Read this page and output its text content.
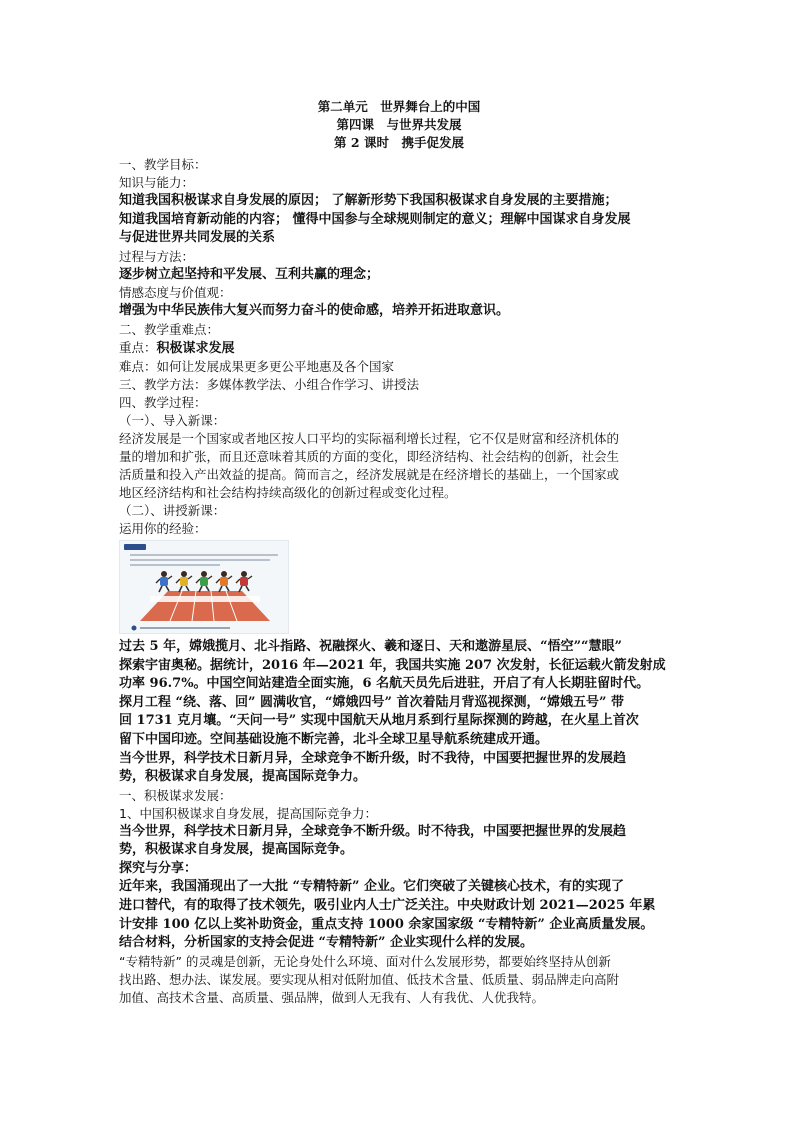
第二单元　世界舞台上的中国
第四课　与世界共发展
第 2 课时　携手促发展
一、教学目标：
知识与能力：
知道我国积极谋求自身发展的原因； 了解新形势下我国积极谋求自身发展的主要措施；
知道我国培育新动能的内容； 懂得中国参与全球规则制定的意义；理解中国谋求自身发展
与促进世界共同发展的关系
过程与方法：
逐步树立起坚持和平发展、互利共赢的理念；
情感态度与价值观：
增强为中华民族伟大复兴而努力奋斗的使命感，培养开拓进取意识。
二、教学重难点：
重点：积极谋求发展
难点：如何让发展成果更多更公平地惠及各个国家
三、教学方法：多媒体教学法、小组合作学习、讲授法
四、教学过程：
（一）、导入新课：
经济发展是一个国家或者地区按人口平均的实际福利增长过程，它不仅是财富和经济机体的
量的增加和扩张，而且还意味着其质的方面的变化，即经济结构、社会结构的创新，社会生
活质量和投入产出效益的提高。简而言之，经济发展就是在经济增长的基础上，一个国家或
地区经济结构和社会结构持续高级化的创新过程或变化过程。
（二）、讲授新课：
运用你的经验：
过去 5 年，嫦娥揽月、北斗指路、祝融探火、羲和逐日、天和遨游星辰、“悟空”“慧眼”
探索宇宙奥秘。据统计，2016 年—2021 年，我国共实施 207 次发射，长征运载火箭发射成
功率 96.7%。中国空间站建造全面实施，6 名航天员先后进驻，开启了有人长期驻留时代。
探月工程 “绕、落、回” 圆满收官，“嫦娥四号” 首次着陆月背巡视探测，“嫦娥五号” 带
回 1731 克月壤。“天问一号” 实现中国航天从地月系到行星际探测的跨越，在火星上首次
留下中国印迹。空间基础设施不断完善，北斗全球卫星导航系统建成开通。
当今世界，科学技术日新月异，全球竞争不断升级，时不我待，中国要把握世界的发展趋
势，积极谋求自身发展，提高国际竞争力。
一、积极谋求发展：
1、中国积极谋求自身发展，提高国际竞争力：
当今世界，科学技术日新月异，全球竞争不断升级。时不待我，中国要把握世界的发展趋
势，积极谋求自身发展，提高国际竞争。
探究与分享：
近年来，我国涌现出了一大批 “专精特新” 企业。它们突破了关键核心技术，有的实现了
进口替代，有的取得了技术领先，吸引业内人士广泛关注。中央财政计划 2021—2025 年累
计安排 100 亿以上奖补助资金，重点支持 1000 余家国家级 “专精特新” 企业高质量发展。
结合材料，分析国家的支持会促进 “专精特新” 企业实现什么样的发展。
“专精特新” 的灵魂是创新，无论身处什么环境、面对什么发展形势，都要始终坚持从创新
找出路、想办法、谋发展。要实现从相对低附加值、低技术含量、低质量、弱品牌走向高附
加值、高技术含量、高质量、强品牌，做到人无我有、人有我优、人优我特。
